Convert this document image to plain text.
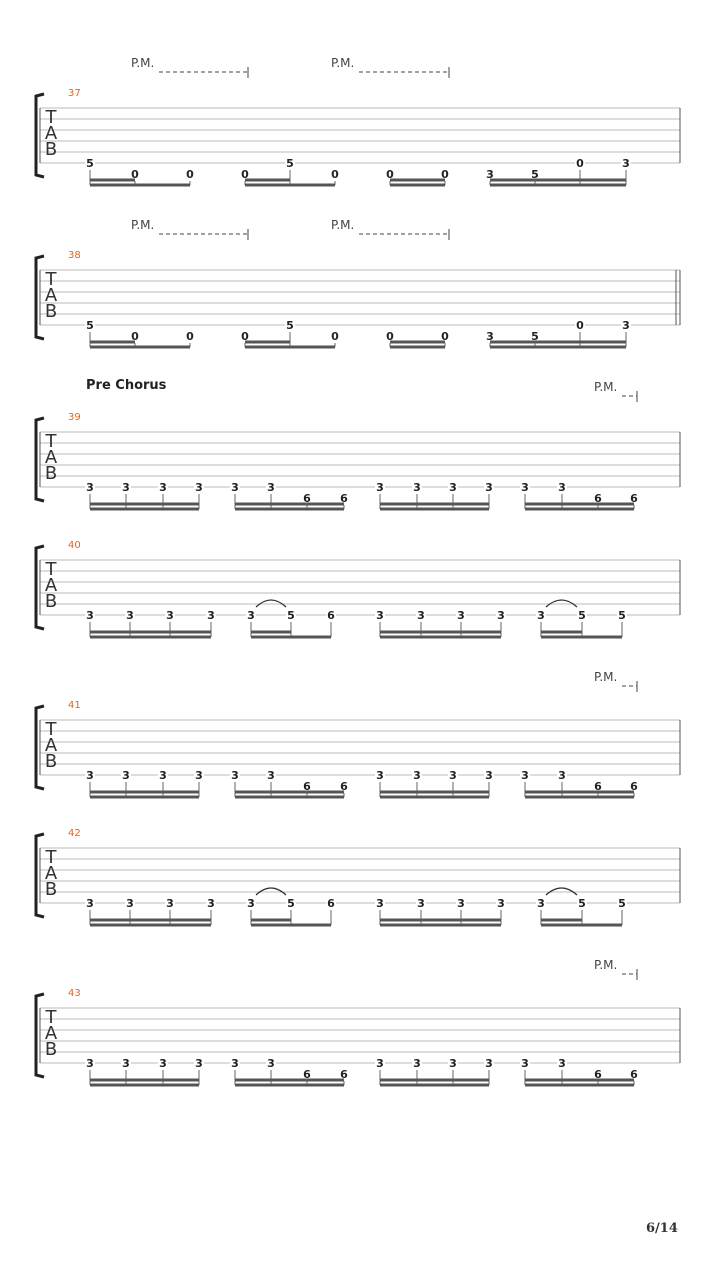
T
A
B
37
P.M.	P.M.
5
0	0	0
5
0	0	0	3	5
0	3
T
A
B
38
P.M.	P.M.
5
0	0	0
5
0	0	0	3	5
0	3
T
A
B
39
P.M.
3	3	3	3	3	3
6	6
3	3	3	3	3	3
6	6
T
A
B
40
3	3	3	3	3	5	6	3	3	3	3	3	5	5
T
A
B
41
P.M.
3	3	3	3	3	3
6	6
3	3	3	3	3	3
6	6
T
A
B
42
3	3	3	3	3	5	6	3	3	3	3	3	5	5
T
A
B
43
P.M.
3	3	3	3	3	3
6	6
3	3	3	3	3	3
6	6
Pre Chorus
6/14
